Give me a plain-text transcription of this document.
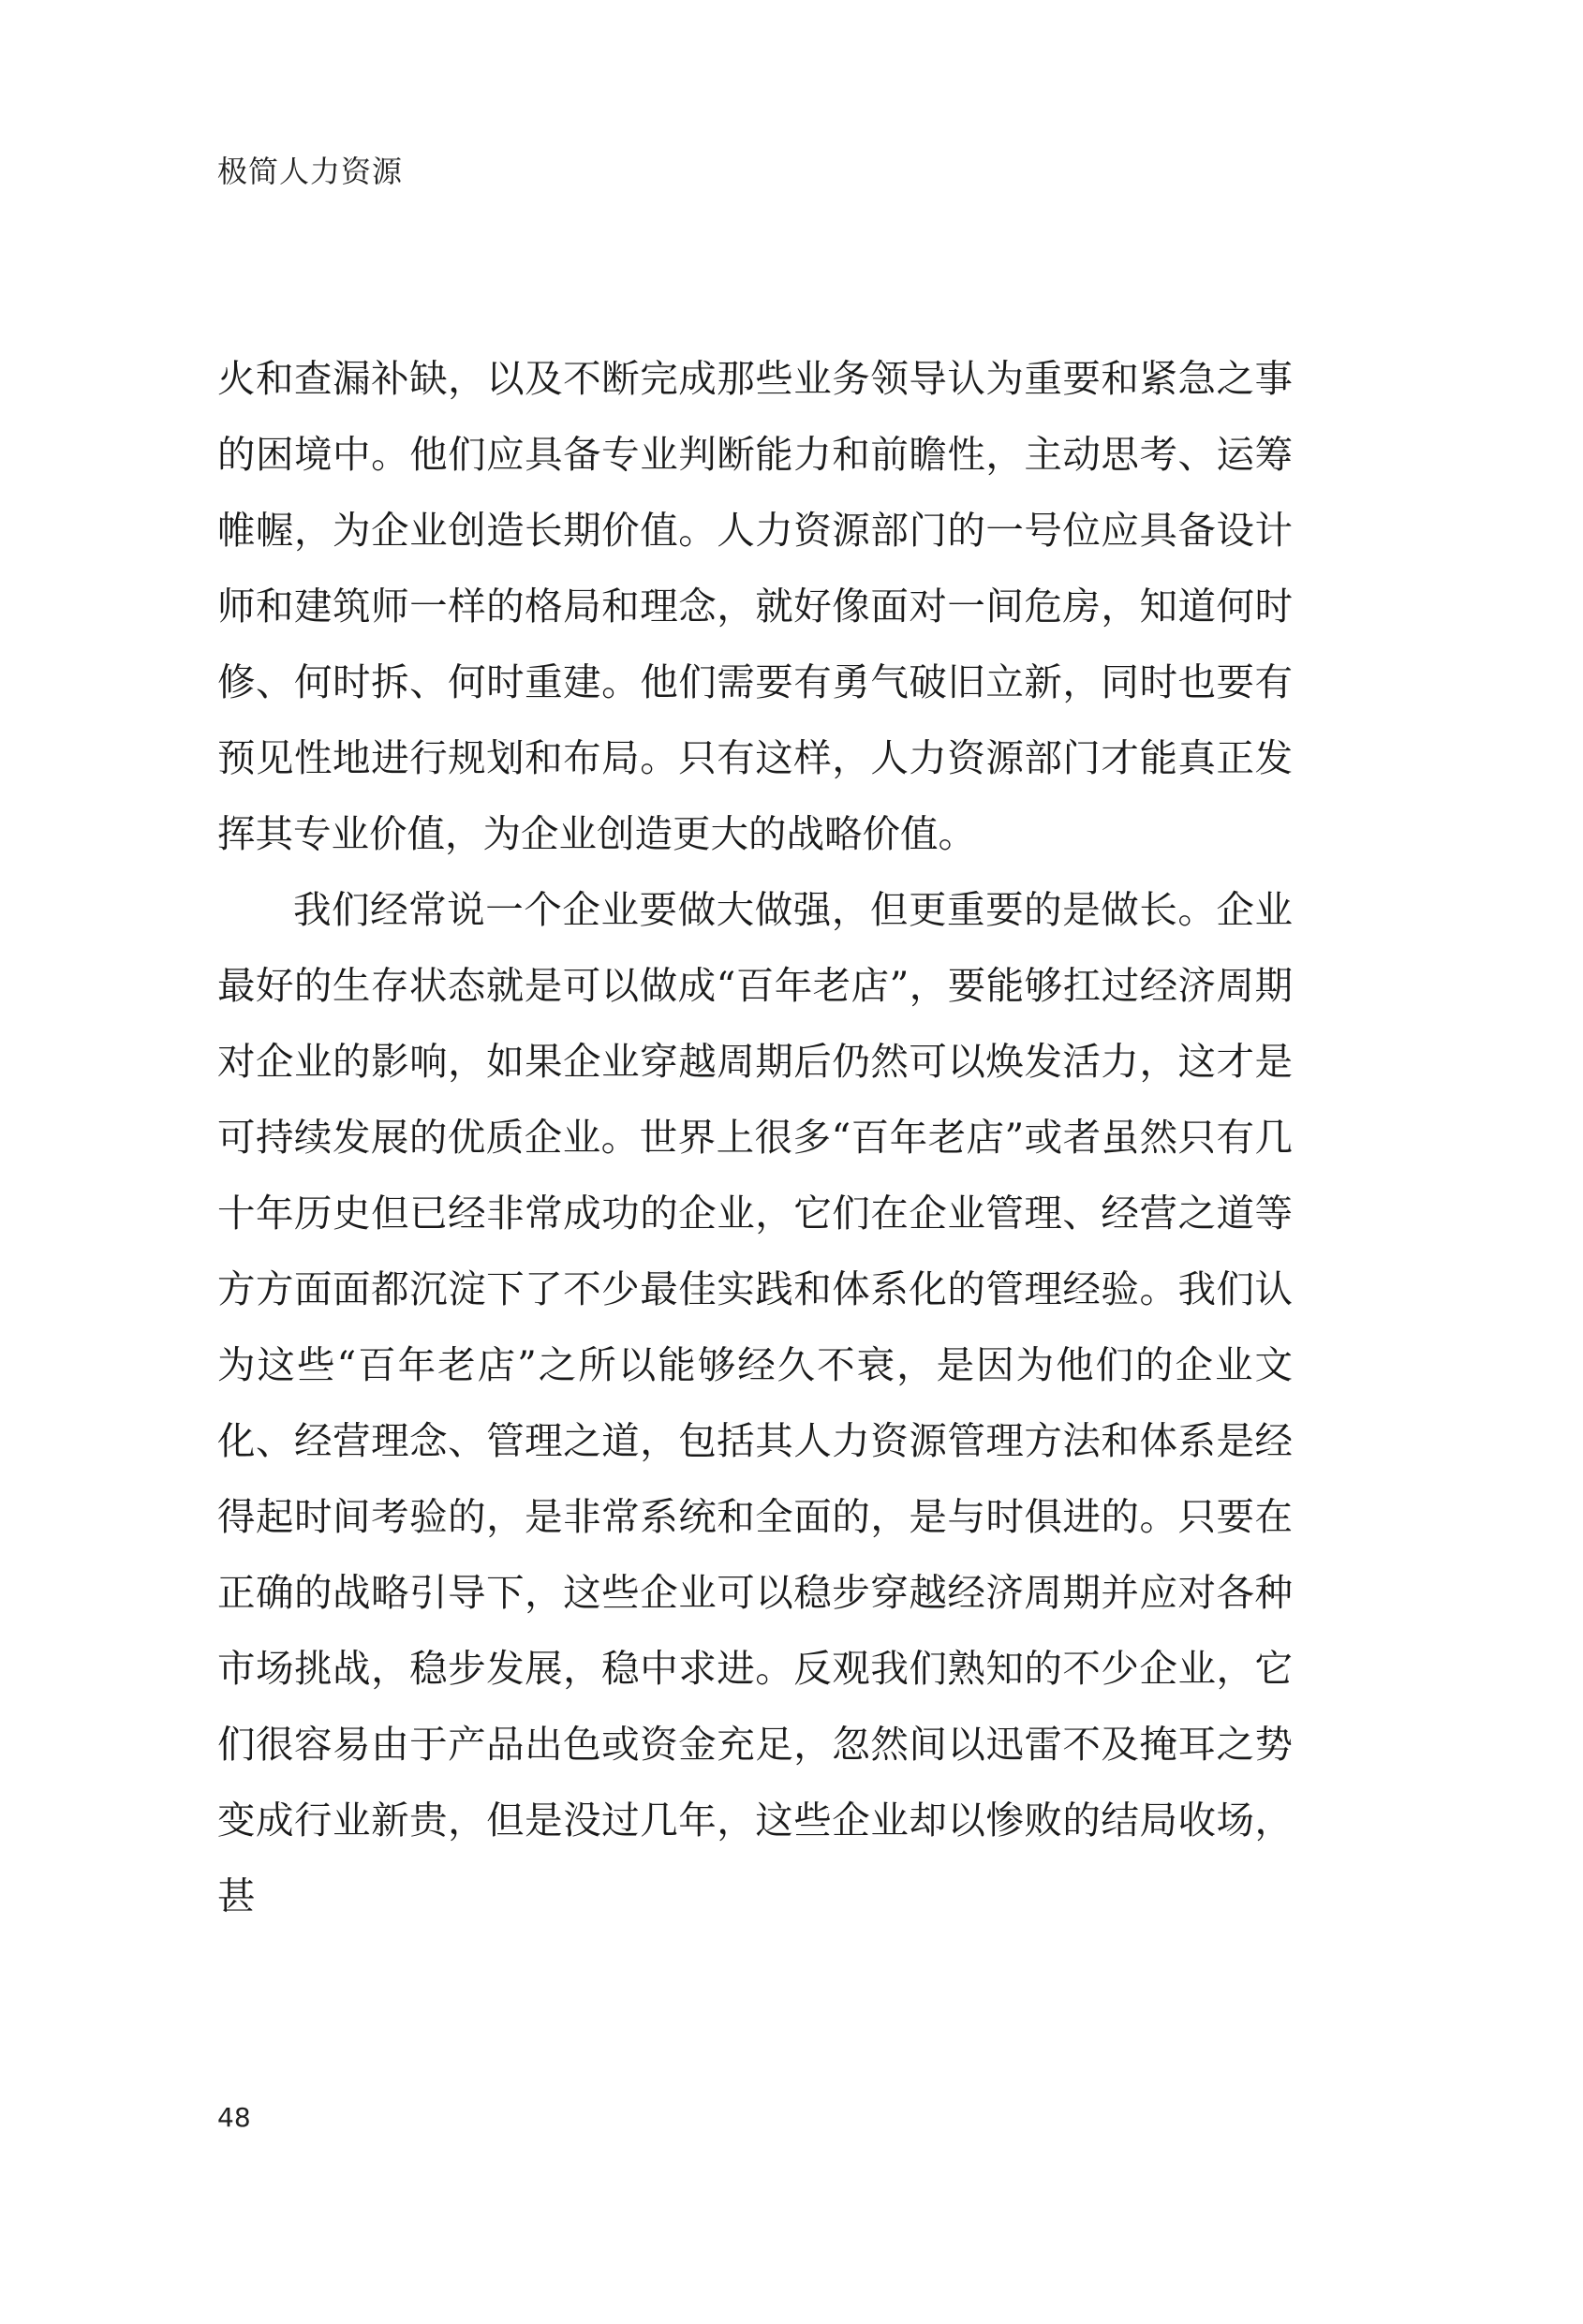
极简人力资源

火和查漏补缺，以及不断完成那些业务领导认为重要和紧急之事的困境中。他们应具备专业判断能力和前瞻性，主动思考、运筹帷幄，为企业创造长期价值。人力资源部门的一号位应具备设计师和建筑师一样的格局和理念，就好像面对一间危房，知道何时修、何时拆、何时重建。他们需要有勇气破旧立新，同时也要有预见性地进行规划和布局。只有这样，人力资源部门才能真正发挥其专业价值，为企业创造更大的战略价值。

我们经常说一个企业要做大做强，但更重要的是做长。企业最好的生存状态就是可以做成“百年老店”，要能够扛过经济周期对企业的影响，如果企业穿越周期后仍然可以焕发活力，这才是可持续发展的优质企业。世界上很多“百年老店”或者虽然只有几十年历史但已经非常成功的企业，它们在企业管理、经营之道等方方面面都沉淀下了不少最佳实践和体系化的管理经验。我们认为这些“百年老店”之所以能够经久不衰，是因为他们的企业文化、经营理念、管理之道，包括其人力资源管理方法和体系是经得起时间考验的，是非常系统和全面的，是与时俱进的。只要在正确的战略引导下，这些企业可以稳步穿越经济周期并应对各种市场挑战，稳步发展，稳中求进。反观我们熟知的不少企业，它们很容易由于产品出色或资金充足，忽然间以迅雷不及掩耳之势变成行业新贵，但是没过几年，这些企业却以惨败的结局收场，甚

48
